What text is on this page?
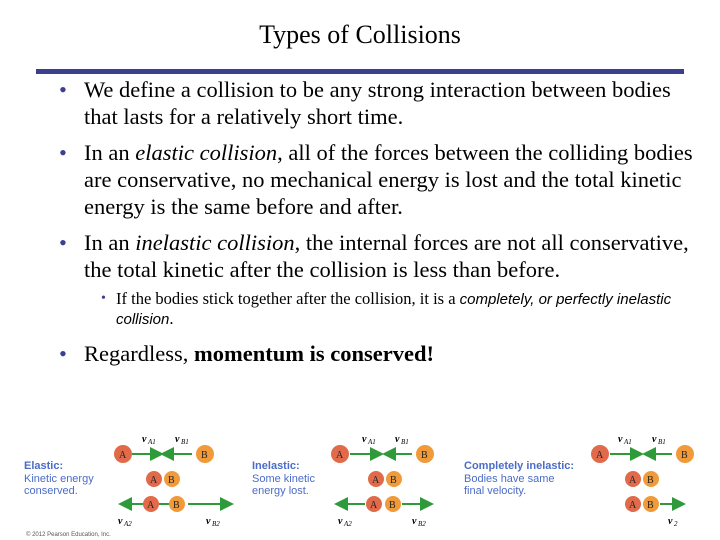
Types of Collisions
• We define a collision to be any strong interaction between bodies that lasts for a relatively short time.
• In an elastic collision, all of the forces between the colliding bodies are conservative, no mechanical energy is lost and the total kinetic energy is the same before and after.
• In an inelastic collision, the internal forces are not all conservative, the total kinetic after the collision is less than before.
• If the bodies stick together after the collision, it is a completely, or perfectly inelastic collision.
• Regardless, momentum is conserved!
Elastic:
Kinetic energy
conserved.
Inelastic:
Some kinetic
energy lost.
Completely inelastic:
Bodies have same
final velocity.
v A1 v B1
A	B
A B
A B
v A2	v B2
v A1 v B1
A	B
A B
A B
v A2	v B2
v A1 v B1
A	B
A B
A B
v 2
© 2012 Pearson Education, Inc.
